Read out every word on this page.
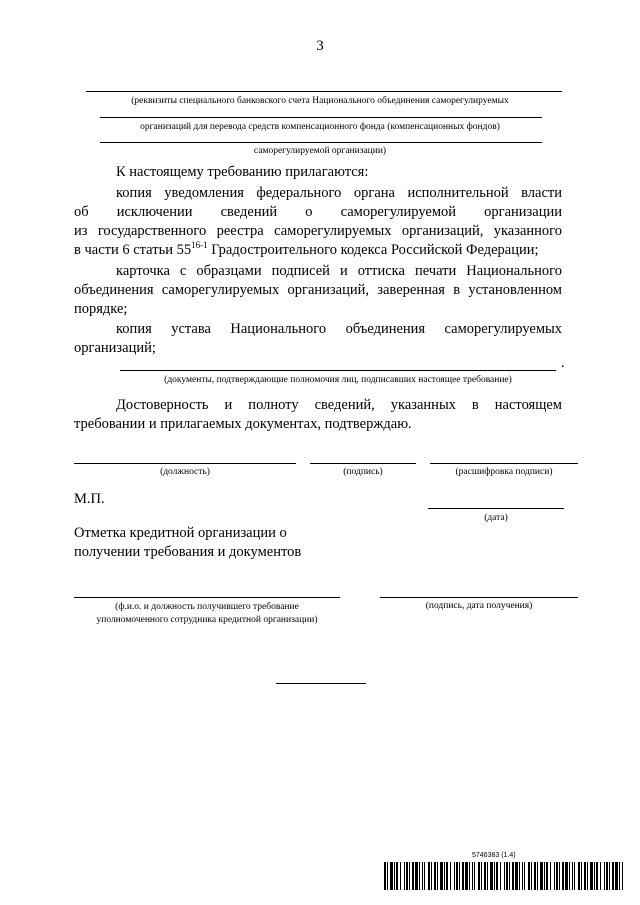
3
(реквизиты специального банковского счета Национального объединения саморегулируемых
организаций для перевода средств компенсационного фонда (компенсационных фондов)
саморегулируемой организации)
К настоящему требованию прилагаются:
копия уведомления федерального органа исполнительной власти
об исключении сведений о саморегулируемой организации
из государственного реестра саморегулируемых организаций, указанного
в части 6 статьи 55$^{16-1}$ Градостроительного кодекса Российской Федерации;
карточка с образцами подписей и оттиска печати Национального
объединения саморегулируемых организаций, заверенная в установленном
порядке;
копия устава Национального объединения саморегулируемых
организаций;
.
(документы, подтверждающие полномочия лиц, подписавших настоящее требование)
Достоверность и полноту сведений, указанных в настоящем
требовании и прилагаемых документах, подтверждаю.
(должность)	(подпись)	(расшифровка подписи)
М.П.
(дата)
Отметка кредитной организации о
получении требования и документов
(ф.и.о. и должность получившего требование
уполномоченного сотрудника кредитной организации)
(подпись, дата получения)
5746383 (1.4)
